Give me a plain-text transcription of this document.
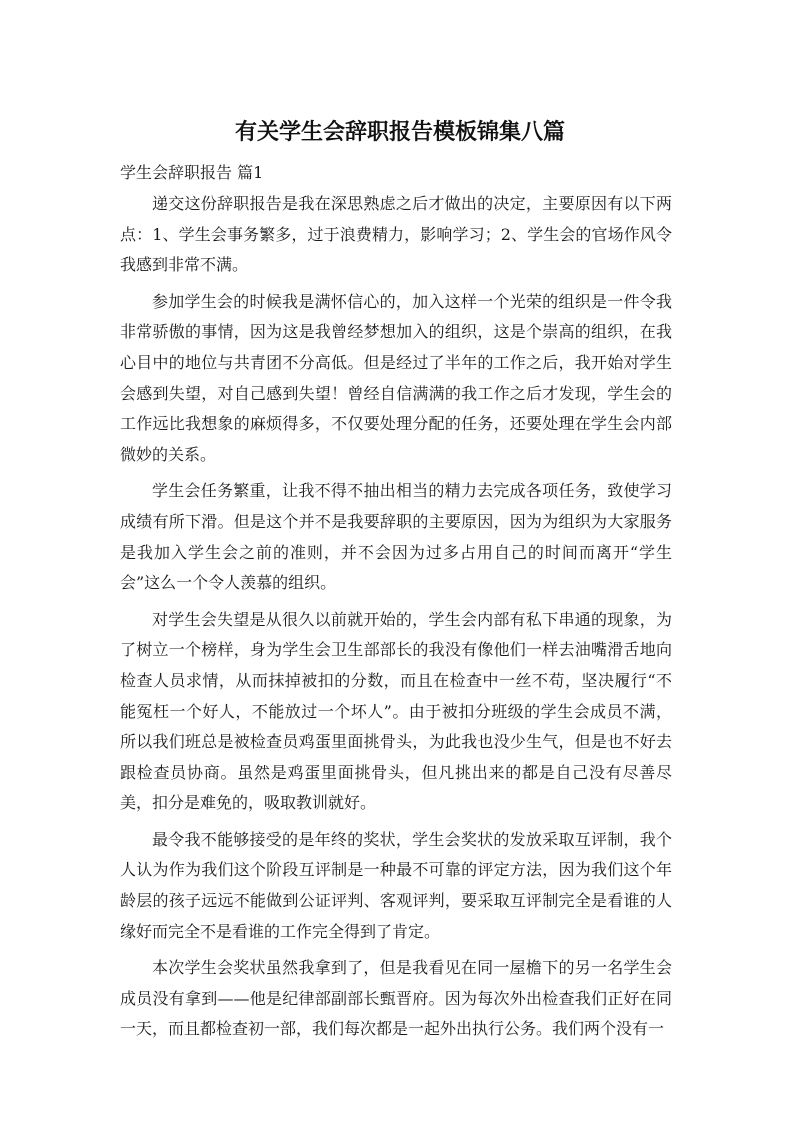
有关学生会辞职报告模板锦集八篇

学生会辞职报告 篇1

递交这份辞职报告是我在深思熟虑之后才做出的决定，主要原因有以下两点：1、学生会事务繁多，过于浪费精力，影响学习；2、学生会的官场作风令我感到非常不满。

参加学生会的时候我是满怀信心的，加入这样一个光荣的组织是一件令我非常骄傲的事情，因为这是我曾经梦想加入的组织，这是个崇高的组织，在我心目中的地位与共青团不分高低。但是经过了半年的工作之后，我开始对学生会感到失望，对自己感到失望！曾经自信满满的我工作之后才发现，学生会的工作远比我想象的麻烦得多，不仅要处理分配的任务，还要处理在学生会内部微妙的关系。

学生会任务繁重，让我不得不抽出相当的精力去完成各项任务，致使学习成绩有所下滑。但是这个并不是我要辞职的主要原因，因为为组织为大家服务是我加入学生会之前的准则，并不会因为过多占用自己的时间而离开“学生会”这么一个令人羡慕的组织。

对学生会失望是从很久以前就开始的，学生会内部有私下串通的现象，为了树立一个榜样，身为学生会卫生部部长的我没有像他们一样去油嘴滑舌地向检查人员求情，从而抹掉被扣的分数，而且在检查中一丝不苟，坚决履行“不能冤枉一个好人，不能放过一个坏人”。由于被扣分班级的学生会成员不满，所以我们班总是被检查员鸡蛋里面挑骨头，为此我也没少生气，但是也不好去跟检查员协商。虽然是鸡蛋里面挑骨头，但凡挑出来的都是自己没有尽善尽美，扣分是难免的，吸取教训就好。

最令我不能够接受的是年终的奖状，学生会奖状的发放采取互评制，我个人认为作为我们这个阶段互评制是一种最不可靠的评定方法，因为我们这个年龄层的孩子远远不能做到公证评判、客观评判，要采取互评制完全是看谁的人缘好而完全不是看谁的工作完全得到了肯定。

本次学生会奖状虽然我拿到了，但是我看见在同一屋檐下的另一名学生会成员没有拿到——他是纪律部副部长甄晋府。因为每次外出检查我们正好在同一天，而且都检查初一部，我们每次都是一起外出执行公务。我们两个没有一
